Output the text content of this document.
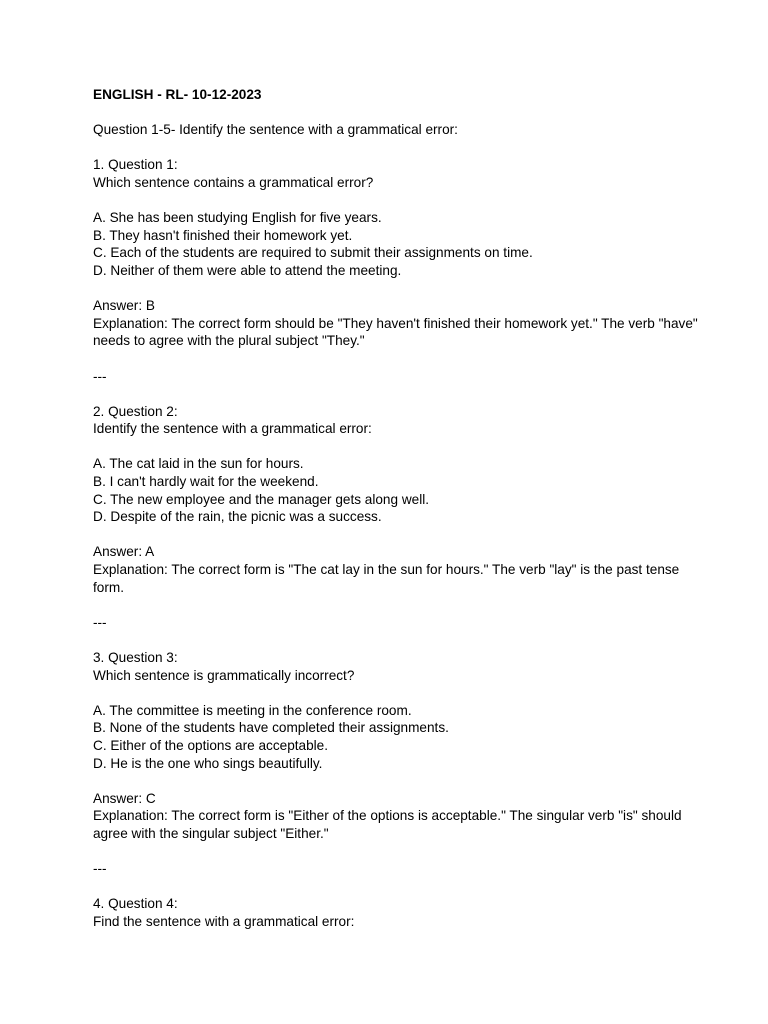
ENGLISH - RL- 10-12-2023
Question 1-5- Identify the sentence with a grammatical error:
1. Question 1:
Which sentence contains a grammatical error?
A. She has been studying English for five years.
B. They hasn't finished their homework yet.
C. Each of the students are required to submit their assignments on time.
D. Neither of them were able to attend the meeting.
Answer: B
Explanation: The correct form should be "They haven't finished their homework yet." The verb "have" needs to agree with the plural subject "They."
---
2. Question 2:
Identify the sentence with a grammatical error:
A. The cat laid in the sun for hours.
B. I can't hardly wait for the weekend.
C. The new employee and the manager gets along well.
D. Despite of the rain, the picnic was a success.
Answer: A
Explanation: The correct form is "The cat lay in the sun for hours." The verb "lay" is the past tense form.
---
3. Question 3:
Which sentence is grammatically incorrect?
A. The committee is meeting in the conference room.
B. None of the students have completed their assignments.
C. Either of the options are acceptable.
D. He is the one who sings beautifully.
Answer: C
Explanation: The correct form is "Either of the options is acceptable." The singular verb "is" should agree with the singular subject "Either."
---
4. Question 4:
Find the sentence with a grammatical error:
